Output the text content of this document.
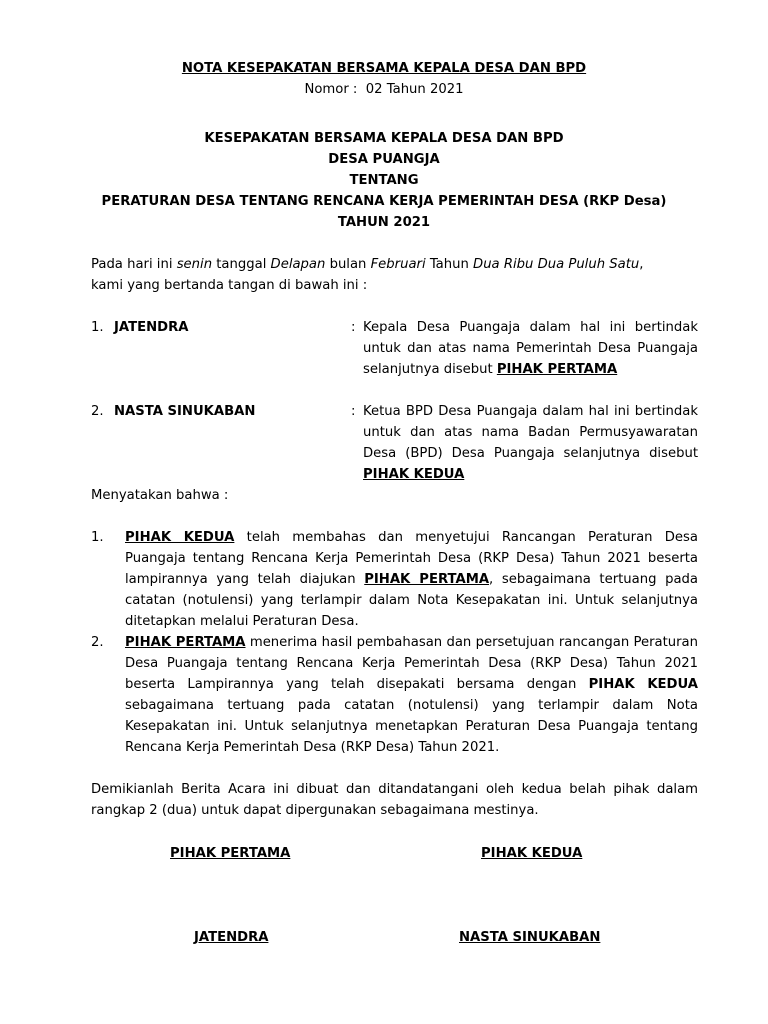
NOTA KESEPAKATAN BERSAMA KEPALA DESA DAN BPD
Nomor : 02 Tahun 2021
KESEPAKATAN BERSAMA KEPALA DESA DAN BPD
DESA PUANGJA
TENTANG
PERATURAN DESA TENTANG RENCANA KERJA PEMERINTAH DESA (RKP Desa)
TAHUN 2021

Pada hari ini senin tanggal Delapan bulan Februari Tahun Dua Ribu Dua Puluh Satu,

kami yang bertanda tangan di bawah ini :

1. JATENDRA	: Kepala Desa Puangaja dalam hal ini bertindak untuk dan atas nama Pemerintah Desa Puangaja selanjutnya disebut PIHAK PERTAMA
2. NASTA SINUKABAN	: Ketua BPD Desa Puangaja dalam hal ini bertindak untuk dan atas nama Badan Permusyawaratan Desa (BPD) Desa Puangaja selanjutnya disebut PIHAK KEDUA
Menyatakan bahwa :
1. PIHAK KEDUA telah membahas dan menyetujui Rancangan Peraturan Desa Puangaja tentang Rencana Kerja Pemerintah Desa (RKP Desa) Tahun 2021 beserta lampirannya yang telah diajukan PIHAK PERTAMA, sebagaimana tertuang pada catatan (notulensi) yang terlampir dalam Nota Kesepakatan ini. Untuk selanjutnya ditetapkan melalui Peraturan Desa.
2. PIHAK PERTAMA menerima hasil pembahasan dan persetujuan rancangan Peraturan Desa Puangaja tentang Rencana Kerja Pemerintah Desa (RKP Desa) Tahun 2021 beserta Lampirannya yang telah disepakati bersama dengan PIHAK KEDUA sebagaimana tertuang pada catatan (notulensi) yang terlampir dalam Nota Kesepakatan ini. Untuk selanjutnya menetapkan Peraturan Desa Puangaja tentang Rencana Kerja Pemerintah Desa (RKP Desa) Tahun 2021.
Demikianlah Berita Acara ini dibuat dan ditandatangani oleh kedua belah pihak dalam rangkap 2 (dua) untuk dapat dipergunakan sebagaimana mestinya.
PIHAK PERTAMA	PIHAK KEDUA
JATENDRA	NASTA SINUKABAN
